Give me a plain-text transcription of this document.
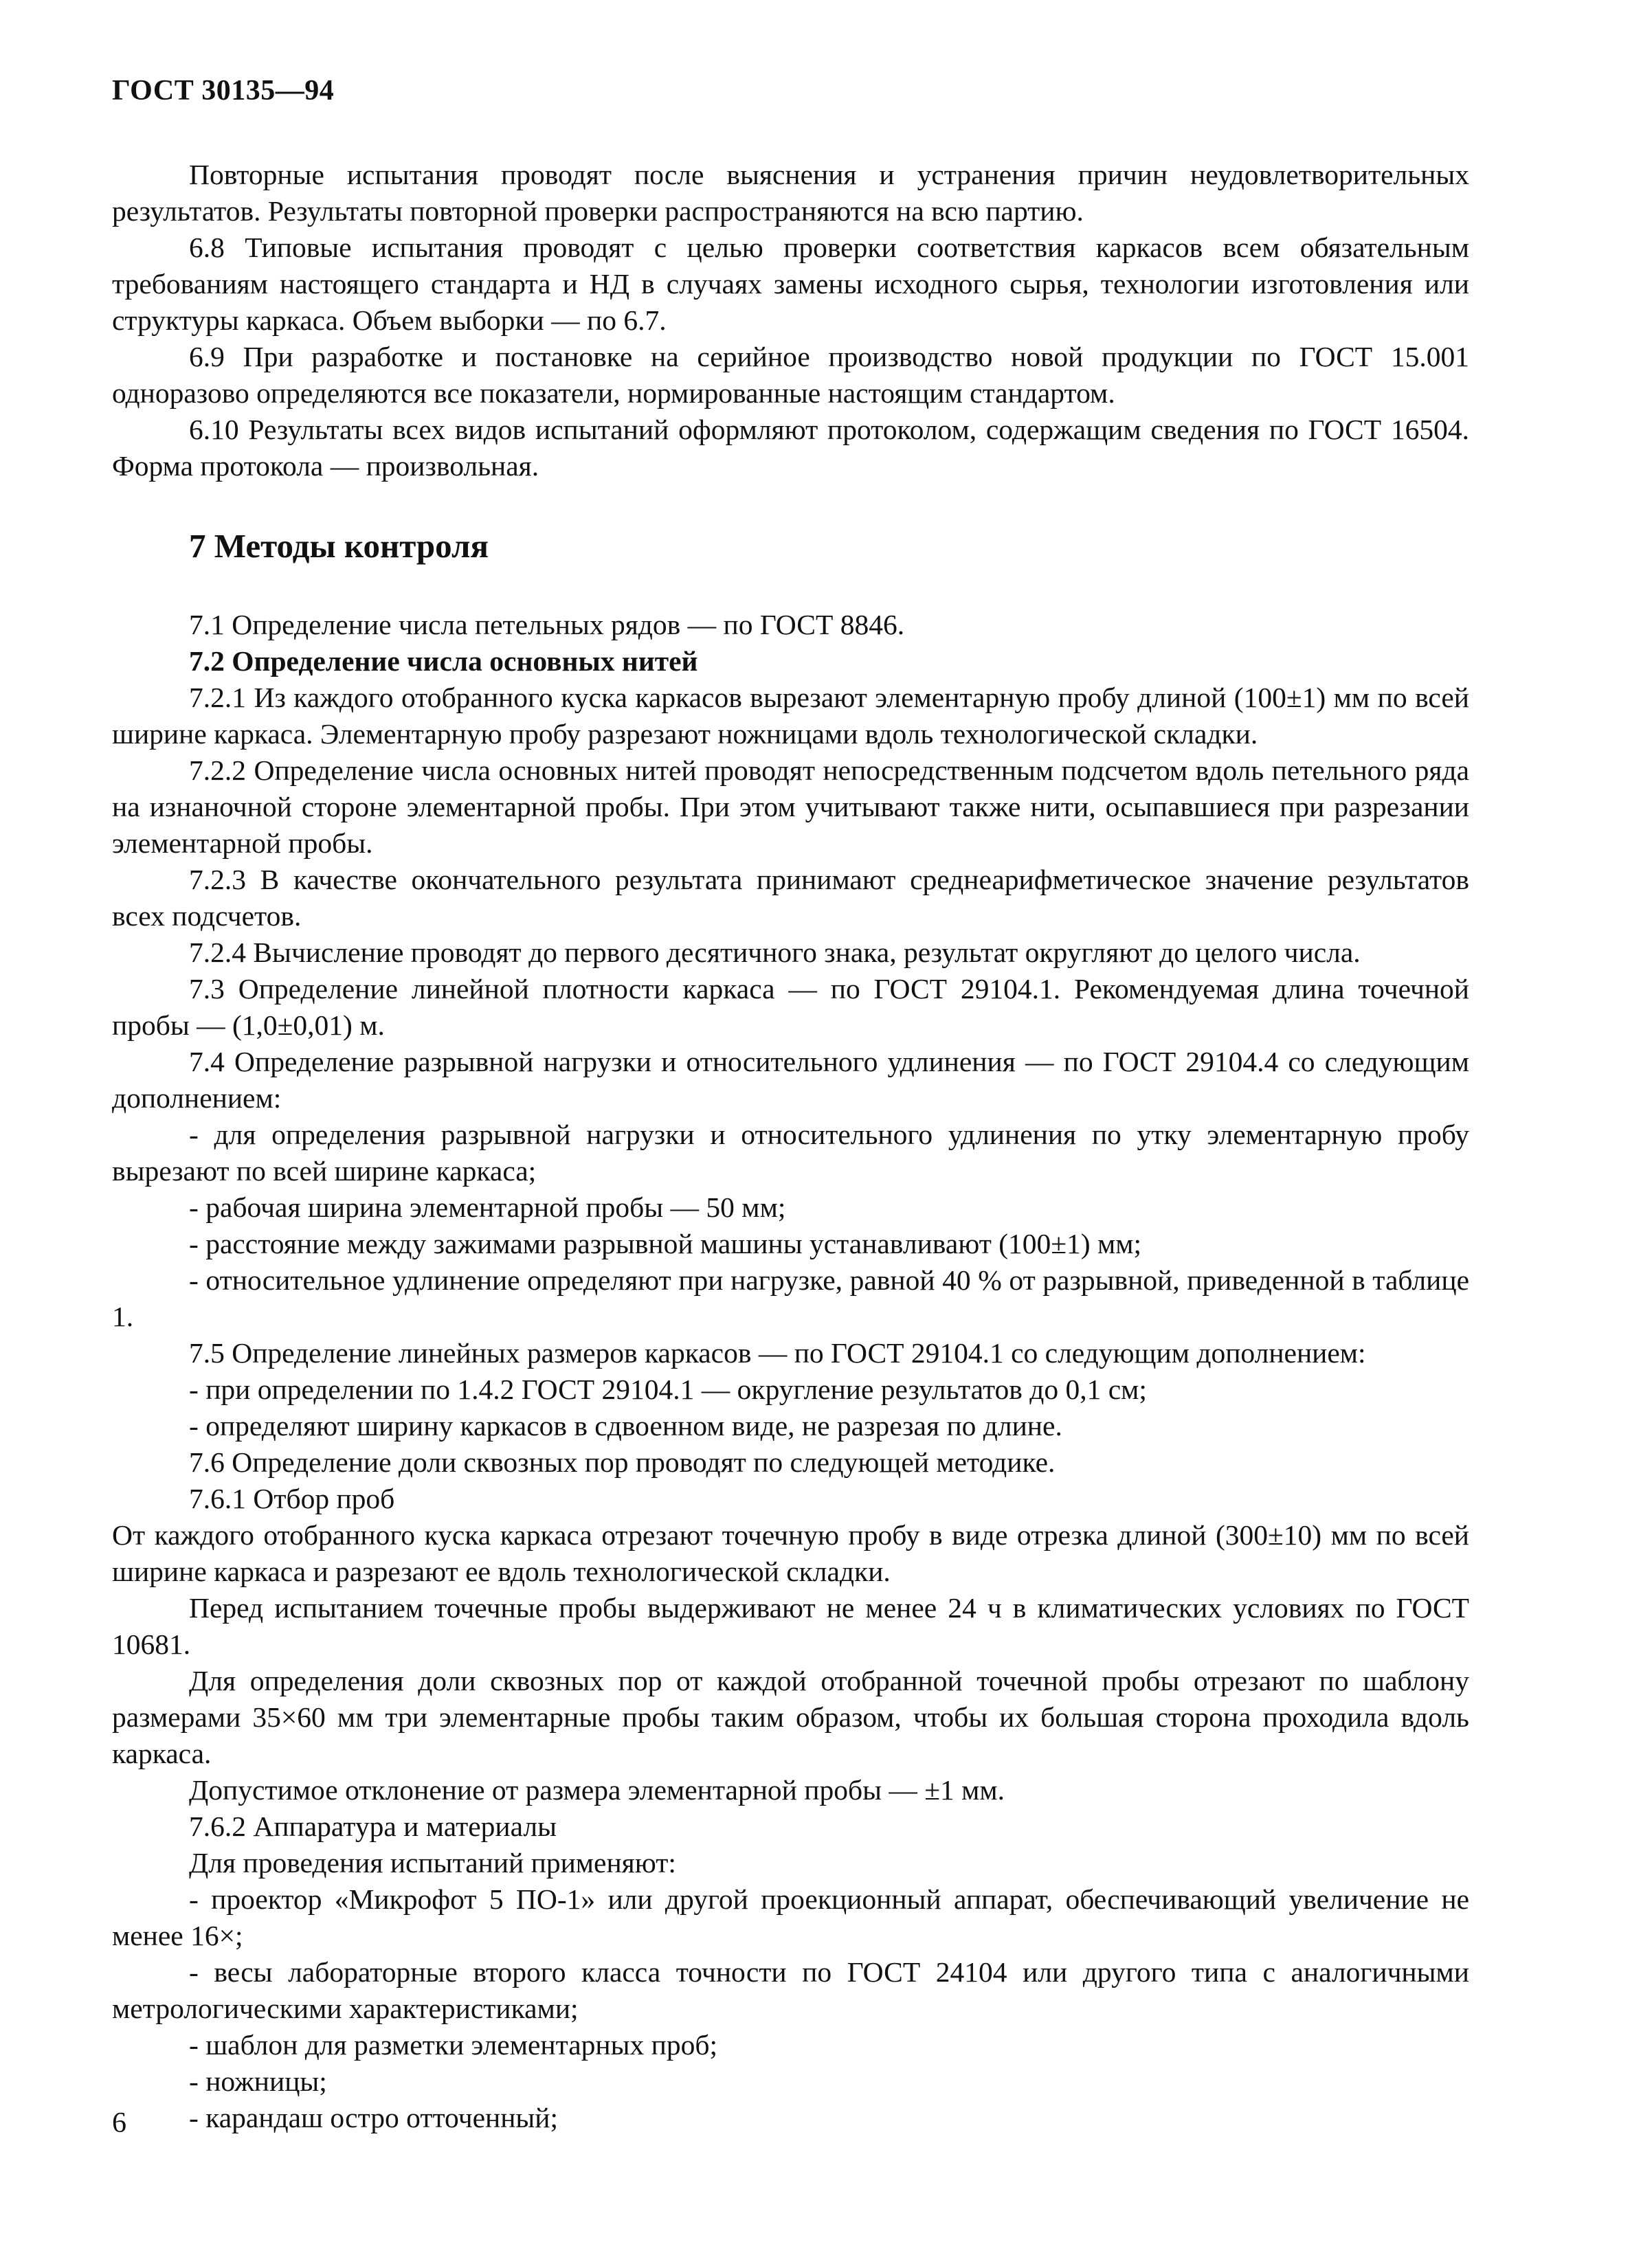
ГОСТ 30135—94

Повторные испытания проводят после выяснения и устранения причин неудовлетворительных результатов. Результаты повторной проверки распространяются на всю партию.

6.8 Типовые испытания проводят с целью проверки соответствия каркасов всем обязательным требованиям настоящего стандарта и НД в случаях замены исходного сырья, технологии изготовления или структуры каркаса. Объем выборки — по 6.7.

6.9 При разработке и постановке на серийное производство новой продукции по ГОСТ 15.001 одноразово определяются все показатели, нормированные настоящим стандартом.

6.10 Результаты всех видов испытаний оформляют протоколом, содержащим сведения по ГОСТ 16504. Форма протокола — произвольная.

7 Методы контроля

7.1 Определение числа петельных рядов — по ГОСТ 8846.

7.2 Определение числа основных нитей

7.2.1 Из каждого отобранного куска каркасов вырезают элементарную пробу длиной (100±1) мм по всей ширине каркаса. Элементарную пробу разрезают ножницами вдоль технологической складки.

7.2.2 Определение числа основных нитей проводят непосредственным подсчетом вдоль петельного ряда на изнаночной стороне элементарной пробы. При этом учитывают также нити, осыпавшиеся при разрезании элементарной пробы.

7.2.3 В качестве окончательного результата принимают среднеарифметическое значение результатов всех подсчетов.

7.2.4 Вычисление проводят до первого десятичного знака, результат округляют до целого числа.

7.3 Определение линейной плотности каркаса — по ГОСТ 29104.1. Рекомендуемая длина точечной пробы — (1,0±0,01) м.

7.4 Определение разрывной нагрузки и относительного удлинения — по ГОСТ 29104.4 со следующим дополнением:

- для определения разрывной нагрузки и относительного удлинения по утку элементарную пробу вырезают по всей ширине каркаса;

- рабочая ширина элементарной пробы — 50 мм;

- расстояние между зажимами разрывной машины устанавливают (100±1) мм;

- относительное удлинение определяют при нагрузке, равной 40 % от разрывной, приведенной в таблице 1.

7.5 Определение линейных размеров каркасов — по ГОСТ 29104.1 со следующим дополнением:

- при определении по 1.4.2 ГОСТ 29104.1 — округление результатов до 0,1 см;

- определяют ширину каркасов в сдвоенном виде, не разрезая по длине.

7.6 Определение доли сквозных пор проводят по следующей методике.

7.6.1 Отбор проб

От каждого отобранного куска каркаса отрезают точечную пробу в виде отрезка длиной (300±10) мм по всей ширине каркаса и разрезают ее вдоль технологической складки.

Перед испытанием точечные пробы выдерживают не менее 24 ч в климатических условиях по ГОСТ 10681.

Для определения доли сквозных пор от каждой отобранной точечной пробы отрезают по шаблону размерами 35×60 мм три элементарные пробы таким образом, чтобы их большая сторона проходила вдоль каркаса.

Допустимое отклонение от размера элементарной пробы — ±1 мм.

7.6.2 Аппаратура и материалы

Для проведения испытаний применяют:

- проектор «Микрофот 5 ПО-1» или другой проекционный аппарат, обеспечивающий увеличение не менее 16×;

- весы лабораторные второго класса точности по ГОСТ 24104 или другого типа с аналогичными метрологическими характеристиками;

- шаблон для разметки элементарных проб;

- ножницы;

- карандаш остро отточенный;

6
